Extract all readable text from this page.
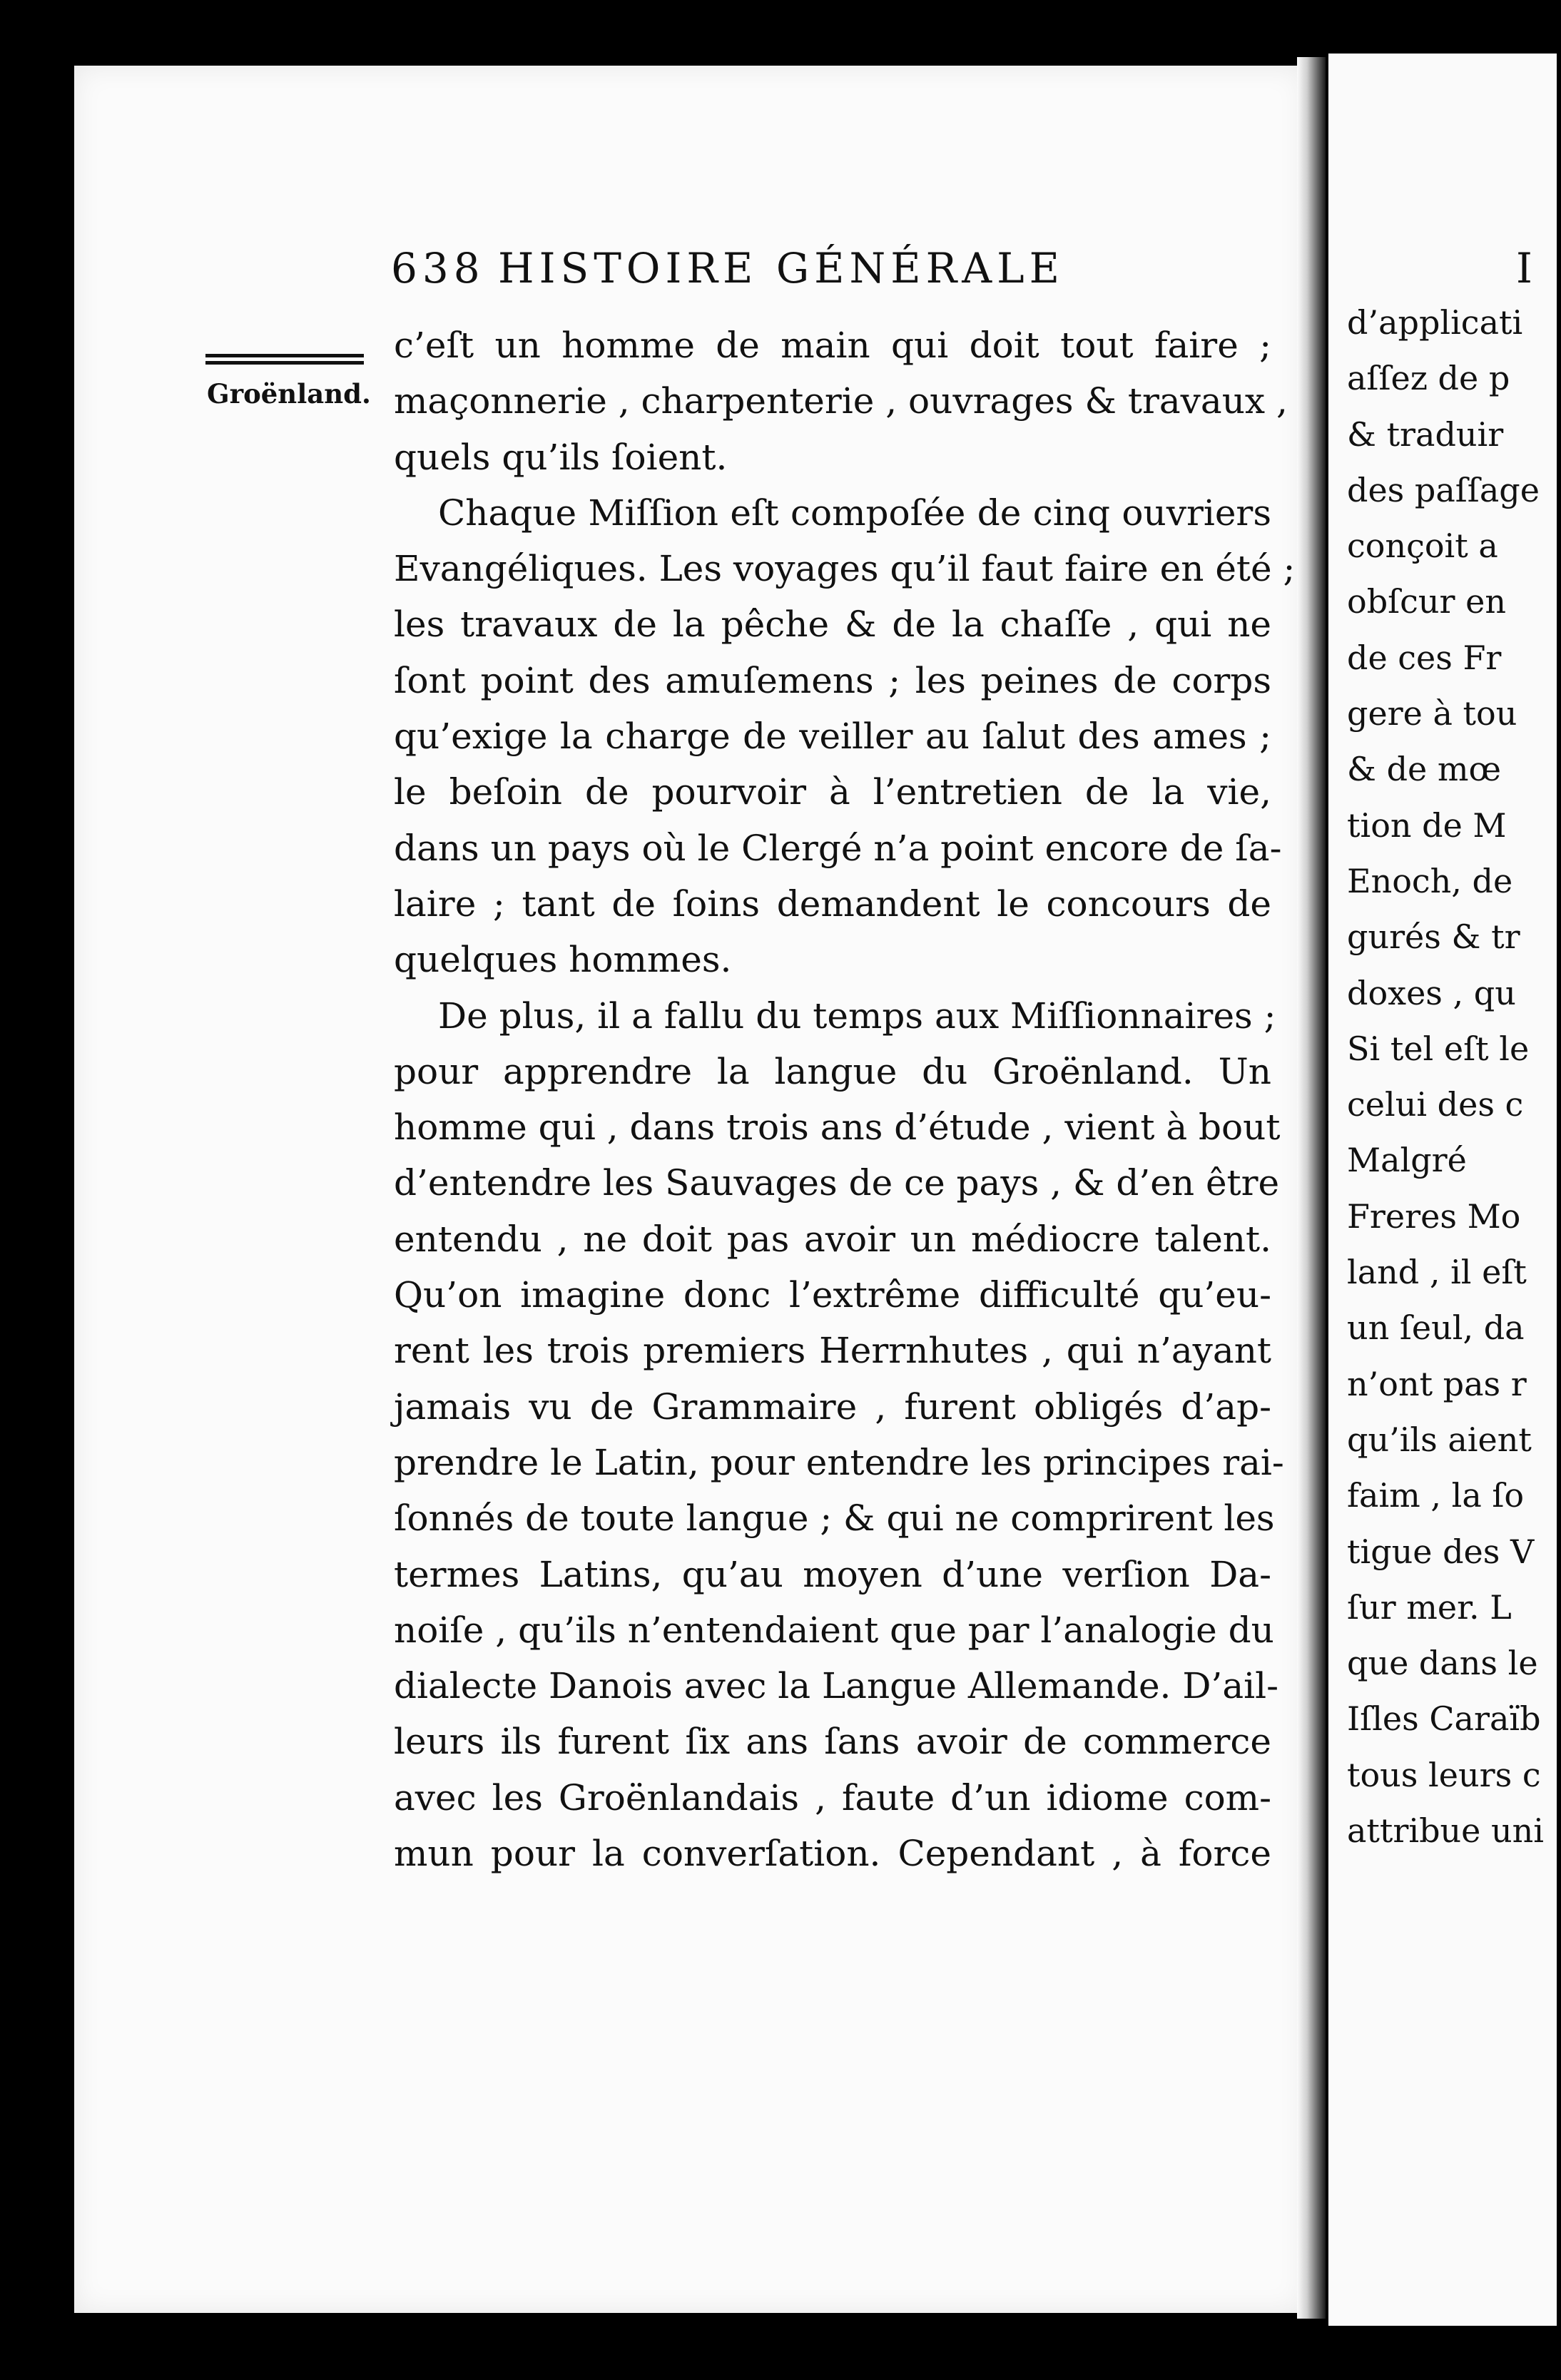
638 HISTOIRE GÉNÉRALE
Groënland.
c’eſt un homme de main qui doit tout faire ;
maçonnerie , charpenterie , ouvrages & travaux ,
quels qu’ils ſoient.
Chaque Miſſion eſt compoſée de cinq ouvriers
Evangéliques. Les voyages qu’il faut faire en été ;
les travaux de la pêche & de la chaſſe , qui ne
ſont point des amuſemens ; les peines de corps
qu’exige la charge de veiller au ſalut des ames ;
le beſoin de pourvoir à l’entretien de la vie,
dans un pays où le Clergé n’a point encore de ſa-
laire ; tant de ſoins demandent le concours de
quelques hommes.
De plus, il a fallu du temps aux Miſſionnaires ;
pour apprendre la langue du Groënland. Un
homme qui , dans trois ans d’étude , vient à bout
d’entendre les Sauvages de ce pays , & d’en être
entendu , ne doit pas avoir un médiocre talent.
Qu’on imagine donc l’extrême difficulté qu’eu-
rent les trois premiers Herrnhutes , qui n’ayant
jamais vu de Grammaire , furent obligés d’ap-
prendre le Latin, pour entendre les principes rai-
ſonnés de toute langue ; & qui ne comprirent les
termes Latins, qu’au moyen d’une verſion Da-
noiſe , qu’ils n’entendaient que par l’analogie du
dialecte Danois avec la Langue Allemande. D’ail-
leurs ils furent ſix ans ſans avoir de commerce
avec les Groënlandais , faute d’un idiome com-
mun pour la converſation. Cependant , à force
I
d’applicati
aſſez de p
& traduir
des paſſage
conçoit a
obſcur en
de ces Fr
gere à tou
& de mœ
tion de M
Enoch, de
gurés & tr
doxes , qu
Si tel eſt le
celui des c
Malgré
Freres Mo
land , il eſt
un ſeul, da
n’ont pas r
qu’ils aient
faim , la ſo
tigue des V
ſur mer. L
que dans le
Iſles Caraïb
tous leurs c
attribue uni
